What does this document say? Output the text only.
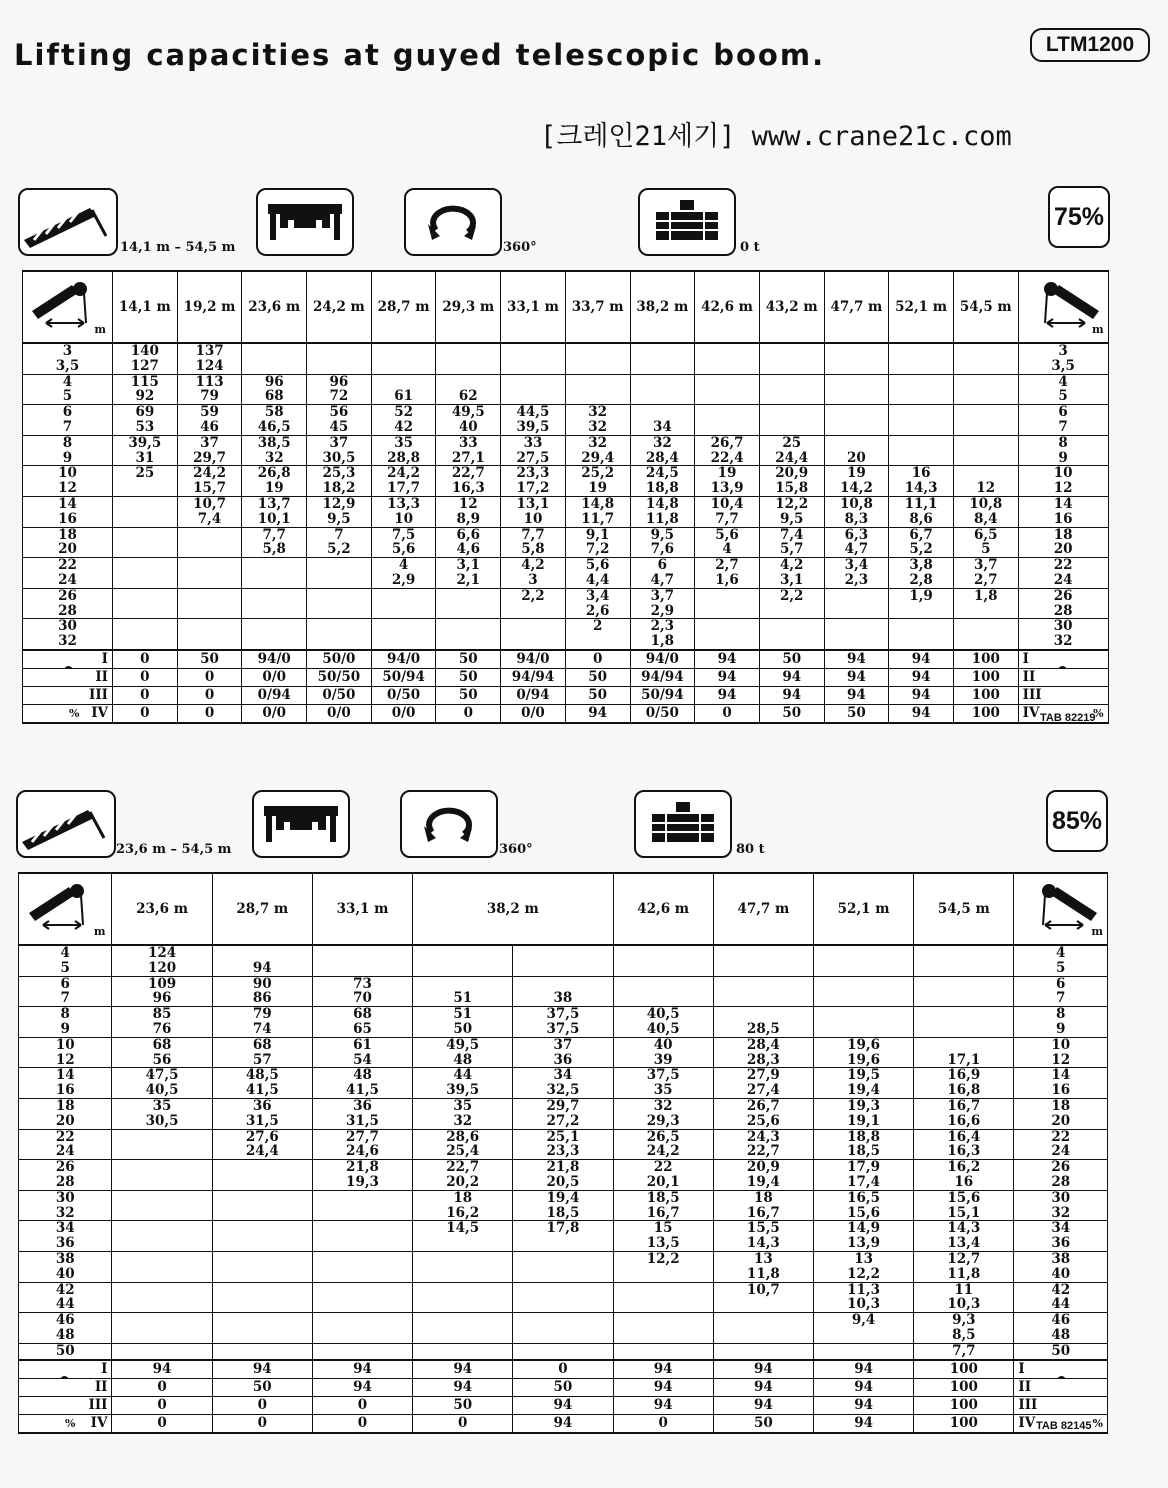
Lifting capacities at guyed telescopic boom.	LTM1200
[크레인21세기] www.crane21c.com
14,1 m – 54,5 m	360°	0 t
75%
m	14,1 m	19,2 m	23,6 m	24,2 m	28,7 m	29,3 m	33,1 m	33,7 m	38,2 m	42,6 m	43,2 m	47,7 m	52,1 m	54,5 m	m

3	140	137													3
3,5	127	124													3,5
4	115	113	96	96											4
5	92	79	68	72	61	62									5
6	69	59	58	56	52	49,5	44,5	32							6
7	53	46	46,5	45	42	40	39,5	32	34						7
8	39,5	37	38,5	37	35	33	33	32	32	26,7	25				8
9	31	29,7	32	30,5	28,8	27,1	27,5	29,4	28,4	22,4	24,4	20			9
10	25	24,2	26,8	25,3	24,2	22,7	23,3	25,2	24,5	19	20,9	19	16		10
12		15,7	19	18,2	17,7	16,3	17,2	19	18,8	13,9	15,8	14,2	14,3	12	12
14		10,7	13,7	12,9	13,3	12	13,1	14,8	14,8	10,4	12,2	10,8	11,1	10,8	14
16		7,4	10,1	9,5	10	8,9	10	11,7	11,8	7,7	9,5	8,3	8,6	8,4	16
18			7,7	7	7,5	6,6	7,7	9,1	9,5	5,6	7,4	6,3	6,7	6,5	18
20			5,8	5,2	5,6	4,6	5,8	7,2	7,6	4	5,7	4,7	5,2	5	20
22					4	3,1	4,2	5,6	6	2,7	4,2	3,4	3,8	3,7	22
24					2,9	2,1	3	4,4	4,7	1,6	3,1	2,3	2,8	2,7	24
26							2,2	3,4	3,7		2,2		1,9	1,8	26
28								2,6	2,9						28
30								2	2,3						30
32									1,8						32
I	0	50	94/0	50/0	94/0	50	94/0	0	94/0	94	50	94	94	100	I

II	0	0	0/0	50/50	50/94	50	94/94	50	94/94	94	94	94	94	100	II
III	0	0	0/94	0/50	0/50	50	0/94	50	50/94	94	94	94	94	100	III

% IV	0	0	0/0	0/0	0/0	0	0/0	94	0/50	0	50	50	94	100	IV %
TAB 82219
23,6 m – 54,5 m	360°	80 t
85%
m	23,6 m	28,7 m	33,1 m	38,2 m		42,6 m	47,7 m	52,1 m	54,5 m	m

4	124									4
5	120	94								5
6	109	90	73							6
7	96	86	70	51	38					7
8	85	79	68	51	37,5	40,5				8
9	76	74	65	50	37,5	40,5	28,5			9
10	68	68	61	49,5	37	40	28,4	19,6		10
12	56	57	54	48	36	39	28,3	19,6	17,1	12
14	47,5	48,5	48	44	34	37,5	27,9	19,5	16,9	14
16	40,5	41,5	41,5	39,5	32,5	35	27,4	19,4	16,8	16
18	35	36	36	35	29,7	32	26,7	19,3	16,7	18
20	30,5	31,5	31,5	32	27,2	29,3	25,6	19,1	16,6	20
22		27,6	27,7	28,6	25,1	26,5	24,3	18,8	16,4	22
24		24,4	24,6	25,4	23,3	24,2	22,7	18,5	16,3	24
26			21,8	22,7	21,8	22	20,9	17,9	16,2	26
28			19,3	20,2	20,5	20,1	19,4	17,4	16	28
30				18	19,4	18,5	18	16,5	15,6	30
32				16,2	18,5	16,7	16,7	15,6	15,1	32
34				14,5	17,8	15	15,5	14,9	14,3	34
36						13,5	14,3	13,9	13,4	36
38						12,2	13	13	12,7	38
40							11,8	12,2	11,8	40
42							10,7	11,3	11	42
44								10,3	10,3	44
46								9,4	9,3	46
48									8,5	48
50									7,7	50
I	94	94	94	94	0	94	94	94	100	I

II	0	50	94	94	50	94	94	94	100	II
III	0	0	0	50	94	94	94	94	100	III

% IV	0	0	0	0	94	0	50	94	100	IV %
TAB 82145
